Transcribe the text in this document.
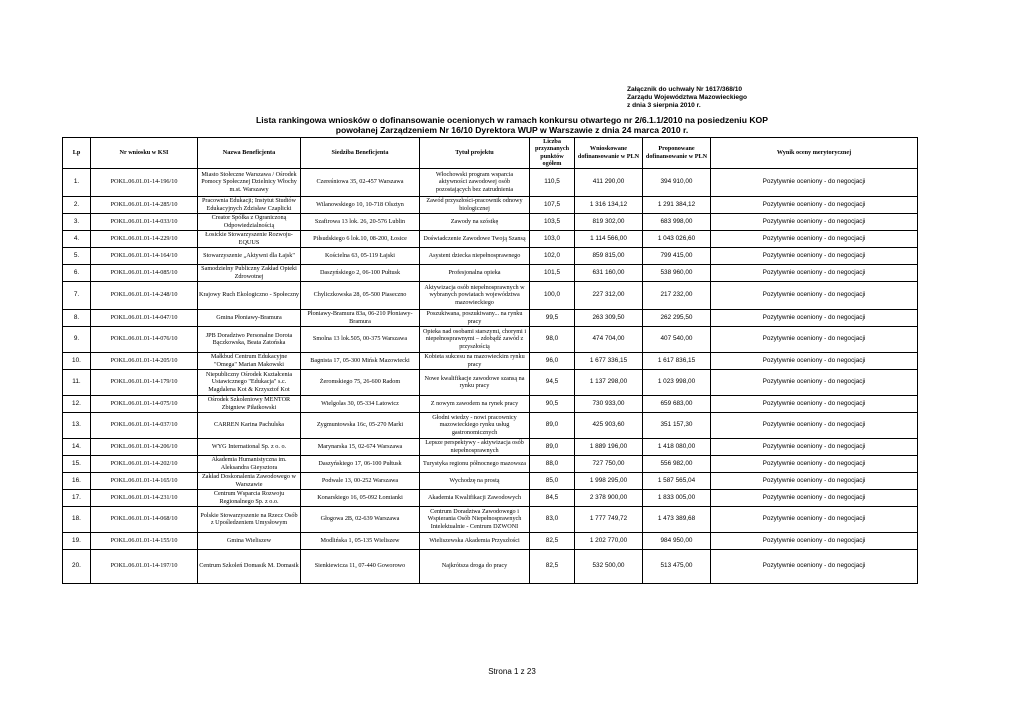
Załącznik do uchwały Nr 1617/368/10
Zarządu Województwa Mazowieckiego
z dnia 3 sierpnia 2010 r.
Lista rankingowa wniosków o dofinansowanie ocenionych w ramach konkursu otwartego nr 2/6.1.1/2010 na posiedzeniu KOP
powołanej Zarządzeniem Nr 16/10 Dyrektora WUP w Warszawie z dnia 24 marca 2010 r.
Lp	Nr wniosku w KSI	Nazwa Beneficjenta	Siedziba Beneficjenta	Tytuł projektu	Liczba przyznanych punktów ogółem	Wnioskowane dofinansowanie w PLN	Proponowane dofinansowanie w PLN	Wynik oceny merytorycznej
1.	POKL.06.01.01-14-196/10	Miasto Stołeczne Warszawa / Ośrodek Pomocy Społecznej Dzielnicy Włochy m.st. Warszawy	Czereśniowa 35, 02-457 Warszawa	Włochowski program wsparcia aktywności zawodowej osób pozostających bez zatrudnienia	110,5	411 290,00	394 910,00	Pozytywnie oceniony - do negocjacji
2.	POKL.06.01.01-14-285/10	Pracownia Edukacji; Instytut Studiów Edukacyjnych Zdzisław Czaplicki	Wilanowskiego 10, 10-718 Olsztyn	Zawód przyszłości-pracownik odnowy biologicznej	107,5	1 316 134,12	1 291 384,12	Pozytywnie oceniony - do negocjacji
3.	POKL.06.01.01-14-033/10	Creator Spółka z Ograniczoną Odpowiedzialnością	Szafirowa 13 lok. 26, 20-576 Lublin	Zawody na szóstkę	103,5	819 302,00	683 998,00	Pozytywnie oceniony - do negocjacji
4.	POKL.06.01.01-14-229/10	Łosickie Stowarzyszenie Rozwoju-EQUUS	Piłsudskiego 6 lok.10, 08-200, Łosice	Doświadczenie Zawodowe Twoją Szansą	103,0	1 114 566,00	1 043 026,60	Pozytywnie oceniony - do negocjacji
5.	POKL.06.01.01-14-164/10	Stowarzyszenie „Aktywni dla Łajsk"	Kościelna 63, 05-119 Łajski	Asystent dziecka niepełnosprawnego	102,0	859 815,00	799 415,00	Pozytywnie oceniony - do negocjacji
6.	POKL.06.01.01-14-085/10	Samodzielny Publiczny Zakład Opieki Zdrowotnej	Daszyńskiego 2, 06-100 Pułtusk	Profesjonalna opieka	101,5	631 160,00	538 960,00	Pozytywnie oceniony - do negocjacji
7.	POKL.06.01.01-14-248/10	Krajowy Ruch Ekologiczno - Społeczny	Chyliczkowska 28, 05-500 Piaseczno	Aktywizacja osób niepełnosprawnych w wybranych powiatach województwa mazowieckiego	100,0	227 312,00	217 232,00	Pozytywnie oceniony - do negocjacji
8.	POKL.06.01.01-14-047/10	Gmina Płoniawy-Bramura	Płoniawy-Bramura 83a, 06-210 Płoniawy-Bramura	Poszukiwana, poszukiwany... na rynku pracy	99,5	263 309,50	262 295,50	Pozytywnie oceniony - do negocjacji
9.	POKL.06.01.01-14-076/10	JPB Doradztwo Personalne Dorota Bączkowska, Beata Zatońska	Smolna 13 lok.505, 00-375 Warszawa	Opieka nad osobami starszymi, chorymi i niepełnosprawnymi – zdobądź zawód z przyszłością	98,0	474 704,00	407 540,00	Pozytywnie oceniony - do negocjacji
10.	POKL.06.01.01-14-205/10	Małkbud Centrum Edukacyjne "Omega" Marian Makowski	Bagnista 17, 05-300 Mińsk Mazowiecki	Kobieta sukcesu na mazowieckim rynku pracy	96,0	1 677 336,15	1 617 836,15	Pozytywnie oceniony - do negocjacji
11.	POKL.06.01.01-14-179/10	Niepubliczny Ośrodek Kształcenia Ustawicznego "Edukacja" s.c. Magdalena Kot & Krzysztof Kot	Żeromskiego 75, 26-600 Radom	Nowe kwalifikacje zawodowe szansą na rynku pracy	94,5	1 137 298,00	1 023 998,00	Pozytywnie oceniony - do negocjacji
12.	POKL.06.01.01-14-075/10	Ośrodek Szkoleniowy MENTOR Zbigniew Piłatkowski	Wielgolas 30, 05-334 Latowicz	Z nowym zawodem na rynek pracy	90,5	730 933,00	659 683,00	Pozytywnie oceniony - do negocjacji
13.	POKL.06.01.01-14-037/10	CARREN Karina Pachulska	Zygmuntowska 16c, 05-270 Marki	Głodni wiedzy - nowi pracownicy mazowieckiego rynku usług gastronomicznych	89,0	425 903,60	351 157,30	Pozytywnie oceniony - do negocjacji
14.	POKL.06.01.01-14-206/10	WYG International Sp. z o. o.	Marynarska 15, 02-674 Warszawa	Lepsze perspektywy - aktywizacja osób niepełnosprawnych	89,0	1 889 196,00	1 418 080,00	Pozytywnie oceniony - do negocjacji
15.	POKL.06.01.01-14-202/10	Akademia Humanistyczna im. Aleksandra Gieysztora	Daszyńskiego 17, 06-100 Pułtusk	Turystyka regionu północnego mazowsza	88,0	727 750,00	556 982,00	Pozytywnie oceniony - do negocjacji
16.	POKL.06.01.01-14-165/10	Zakład Doskonalenia Zawodowego w Warszawie	Podwale 13, 00-252 Warszawa	Wychodzę na prostą	85,0	1 998 295,00	1 587 565,04	Pozytywnie oceniony - do negocjacji
17.	POKL.06.01.01-14-231/10	Centrum Wsparcia Rozwoju Regionalnego Sp. z o.o.	Konarskiego 16, 05-092 Łomianki	Akademia Kwalifikacji Zawodowych	84,5	2 378 900,00	1 833 005,00	Pozytywnie oceniony - do negocjacji
18.	POKL.06.01.01-14-068/10	Polskie Stowarzyszenie na Rzecz Osób z Upośledzeniem Umysłowym	Głogowa 2B, 02-639 Warszawa	Centrum Doradztwa Zawodowego i Wspierania Osób Niepełnosprawnych Intelektualnie - Centrum DZWONI	83,0	1 777 749,72	1 473 389,68	Pozytywnie oceniony - do negocjacji
19.	POKL.06.01.01-14-155/10	Gmina Wieliszew	Modlińska 1, 05-135 Wieliszew	Wieliszewska Akademia Przyszłości	82,5	1 202 770,00	984 950,00	Pozytywnie oceniony - do negocjacji
20.	POKL.06.01.01-14-197/10	Centrum Szkoleń Domasik M. Domasik	Sienkiewicza 11, 07-440 Goworowo	Najkrótsza droga do pracy	82,5	532 500,00	513 475,00	Pozytywnie oceniony - do negocjacji
Strona 1 z 23
